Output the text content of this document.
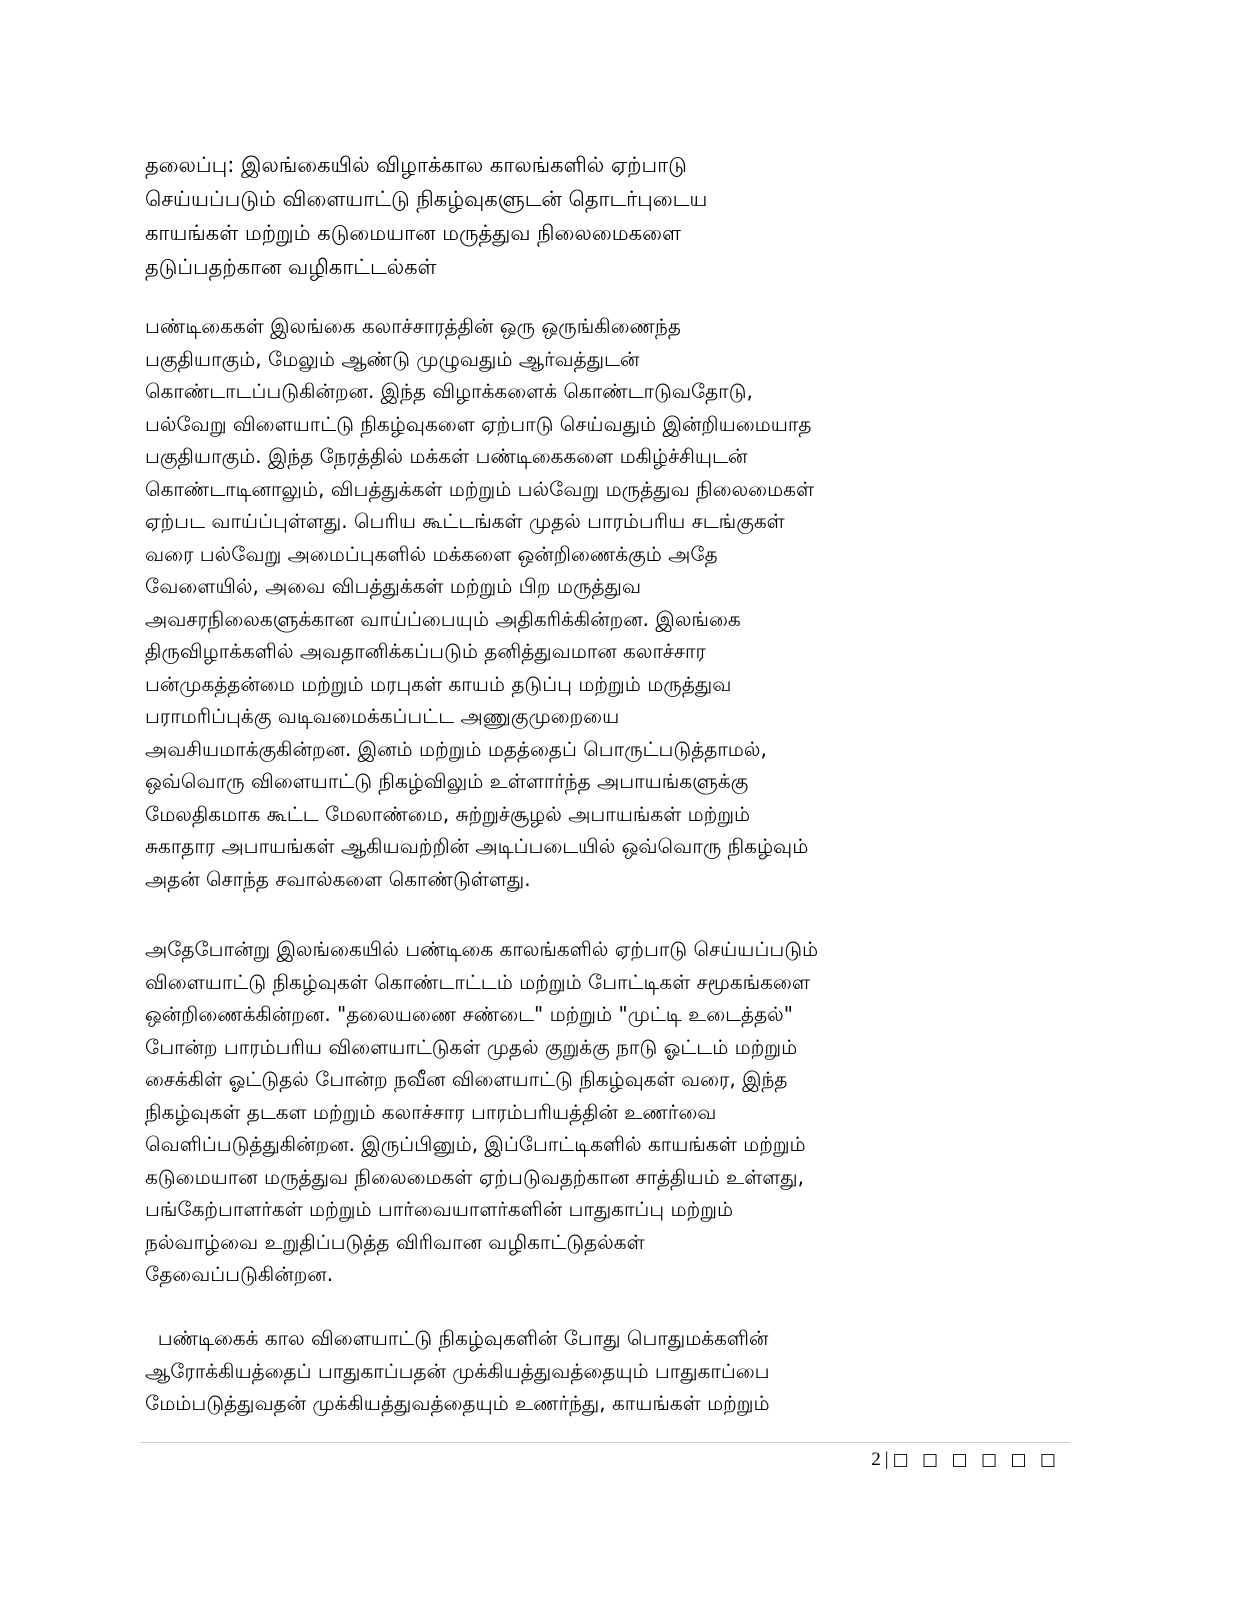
தலைப்பு: இலங்கையில் விழாக்கால காலங்களில் ஏற்பாடு
செய்யப்படும் விளையாட்டு நிகழ்வுகளுடன் தொடர்புடைய
காயங்கள் மற்றும் கடுமையான மருத்துவ நிலைமைகளை
தடுப்பதற்கான வழிகாட்டல்கள்

பண்டிகைகள் இலங்கை கலாச்சாரத்தின் ஒரு ஒருங்கிணைந்த
பகுதியாகும், மேலும் ஆண்டு முழுவதும் ஆர்வத்துடன்
கொண்டாடப்படுகின்றன. இந்த விழாக்களைக் கொண்டாடுவதோடு,
பல்வேறு விளையாட்டு நிகழ்வுகளை ஏற்பாடு செய்வதும் இன்றியமையாத
பகுதியாகும். இந்த நேரத்தில் மக்கள் பண்டிகைகளை மகிழ்ச்சியுடன்
கொண்டாடினாலும், விபத்துக்கள் மற்றும் பல்வேறு மருத்துவ நிலைமைகள்
ஏற்பட வாய்ப்புள்ளது. பெரிய கூட்டங்கள் முதல் பாரம்பரிய சடங்குகள்
வரை பல்வேறு அமைப்புகளில் மக்களை ஒன்றிணைக்கும் அதே
வேளையில், அவை விபத்துக்கள் மற்றும் பிற மருத்துவ
அவசரநிலைகளுக்கான வாய்ப்பையும் அதிகரிக்கின்றன. இலங்கை
திருவிழாக்களில் அவதானிக்கப்படும் தனித்துவமான கலாச்சார
பன்முகத்தன்மை மற்றும் மரபுகள் காயம் தடுப்பு மற்றும் மருத்துவ
பராமரிப்புக்கு வடிவமைக்கப்பட்ட அணுகுமுறையை
அவசியமாக்குகின்றன. இனம் மற்றும் மதத்தைப் பொருட்படுத்தாமல்,
ஒவ்வொரு விளையாட்டு நிகழ்விலும் உள்ளார்ந்த அபாயங்களுக்கு
மேலதிகமாக கூட்ட மேலாண்மை, சுற்றுச்சூழல் அபாயங்கள் மற்றும்
சுகாதார அபாயங்கள் ஆகியவற்றின் அடிப்படையில் ஒவ்வொரு நிகழ்வும்
அதன் சொந்த சவால்களை கொண்டுள்ளது.

அதேபோன்று இலங்கையில் பண்டிகை காலங்களில் ஏற்பாடு செய்யப்படும்
விளையாட்டு நிகழ்வுகள் கொண்டாட்டம் மற்றும் போட்டிகள் சமூகங்களை
ஒன்றிணைக்கின்றன. "தலையணை சண்டை" மற்றும் "முட்டி உடைத்தல்"
போன்ற பாரம்பரிய விளையாட்டுகள் முதல் குறுக்கு நாடு ஓட்டம் மற்றும்
சைக்கிள் ஓட்டுதல் போன்ற நவீன விளையாட்டு நிகழ்வுகள் வரை, இந்த
நிகழ்வுகள் தடகள மற்றும் கலாச்சார பாரம்பரியத்தின் உணர்வை
வெளிப்படுத்துகின்றன. இருப்பினும், இப்போட்டிகளில் காயங்கள் மற்றும்
கடுமையான மருத்துவ நிலைமைகள் ஏற்படுவதற்கான சாத்தியம் உள்ளது,
பங்கேற்பாளர்கள் மற்றும் பார்வையாளர்களின் பாதுகாப்பு மற்றும்
நல்வாழ்வை உறுதிப்படுத்த விரிவான வழிகாட்டுதல்கள்
தேவைப்படுகின்றன.

பண்டிகைக் கால விளையாட்டு நிகழ்வுகளின் போது பொதுமக்களின்
ஆரோக்கியத்தைப் பாதுகாப்பதன் முக்கியத்துவத்தையும் பாதுகாப்பை
மேம்படுத்துவதன் முக்கியத்துவத்தையும் உணர்ந்து, காயங்கள் மற்றும்

2 | □ □ □ □ □ □
